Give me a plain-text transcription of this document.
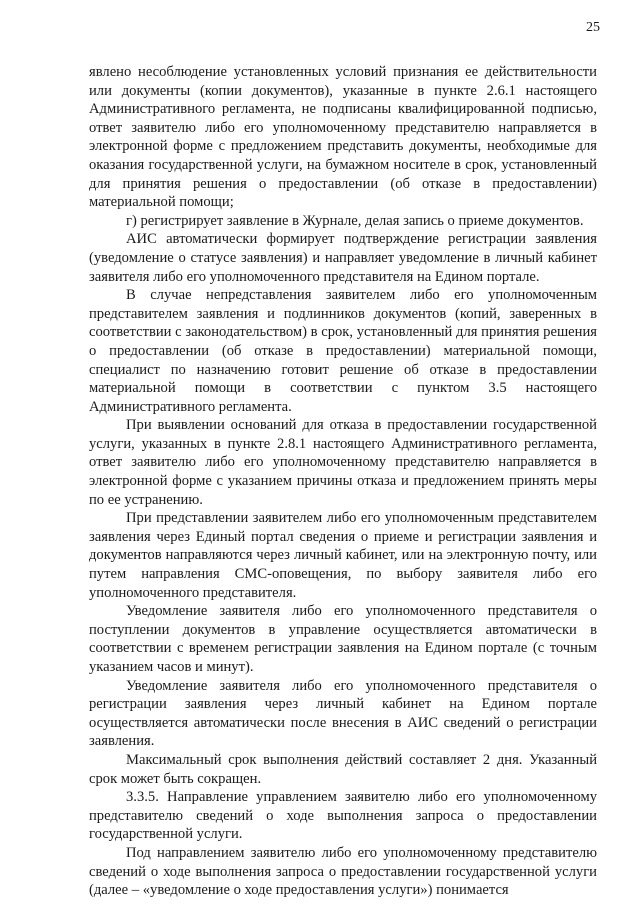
25

явлено несоблюдение установленных условий признания ее действительности или документы (копии документов), указанные в пункте 2.6.1 настоящего Административного регламента, не подписаны квалифицированной подписью, ответ заявителю либо его уполномоченному представителю направляется в электронной форме с предложением представить документы, необходимые для оказания государственной услуги, на бумажном носителе в срок, установленный для принятия решения о предоставлении (об отказе в предоставлении) материальной помощи;

г) регистрирует заявление в Журнале, делая запись о приеме документов.

АИС автоматически формирует подтверждение регистрации заявления (уведомление о статусе заявления) и направляет уведомление в личный кабинет заявителя либо его уполномоченного представителя на Едином портале.

В случае непредставления заявителем либо его уполномоченным представителем заявления и подлинников документов (копий, заверенных в соответствии с законодательством) в срок, установленный для принятия решения о предоставлении (об отказе в предоставлении) материальной помощи, специалист по назначению готовит решение об отказе в предоставлении материальной помощи в соответствии с пунктом 3.5 настоящего Административного регламента.

При выявлении оснований для отказа в предоставлении государственной услуги, указанных в пункте 2.8.1 настоящего Административного регламента, ответ заявителю либо его уполномоченному представителю направляется в электронной форме с указанием причины отказа и предложением принять меры по ее устранению.

При представлении заявителем либо его уполномоченным представителем заявления через Единый портал сведения о приеме и регистрации заявления и документов направляются через личный кабинет, или на электронную почту, или путем направления СМС-оповещения, по выбору заявителя либо его уполномоченного представителя.

Уведомление заявителя либо его уполномоченного представителя о поступлении документов в управление осуществляется автоматически в соответствии с временем регистрации заявления на Едином портале (с точным указанием часов и минут).

Уведомление заявителя либо его уполномоченного представителя о регистрации заявления через личный кабинет на Едином портале осуществляется автоматически после внесения в АИС сведений о регистрации заявления.

Максимальный срок выполнения действий составляет 2 дня. Указанный срок может быть сокращен.

3.3.5. Направление управлением заявителю либо его уполномоченному представителю сведений о ходе выполнения запроса о предоставлении государственной услуги.

Под направлением заявителю либо его уполномоченному представителю сведений о ходе выполнения запроса о предоставлении государственной услуги (далее – «уведомление о ходе предоставления услуги») понимается
